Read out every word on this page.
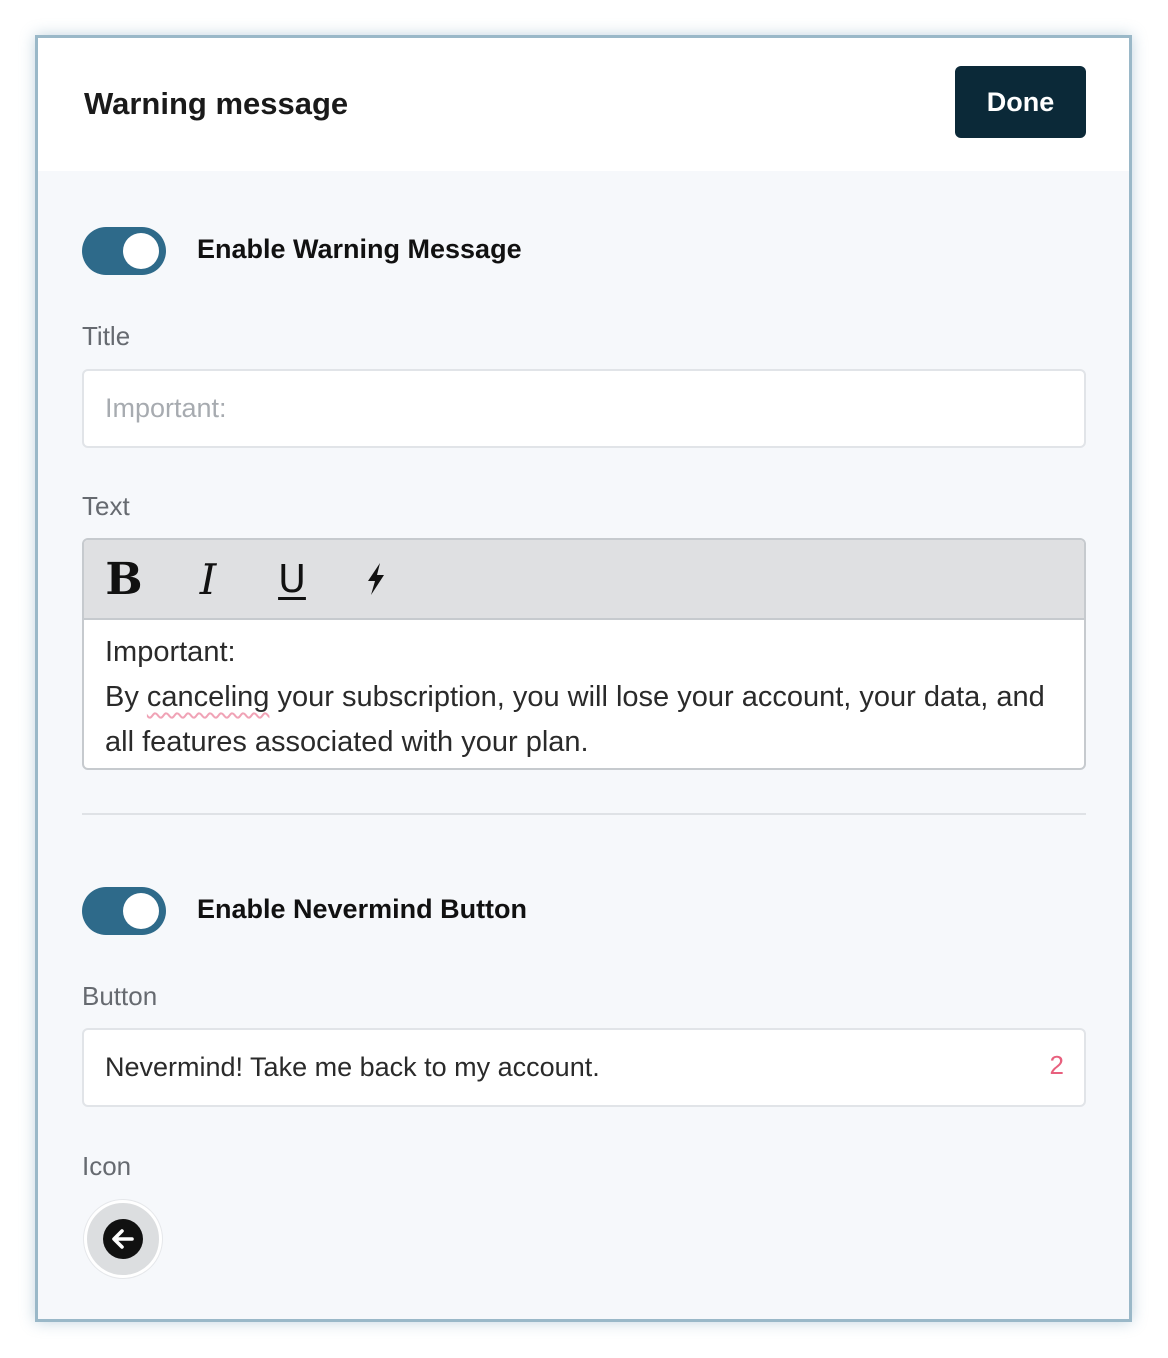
Warning message	Done
Enable Warning Message
Title
Important:
Text
B	I	U
Important:
By canceling your subscription, you will lose your account, your data, and all features associated with your plan.
Enable Nevermind Button
Button
Nevermind! Take me back to my account.
2
Icon
